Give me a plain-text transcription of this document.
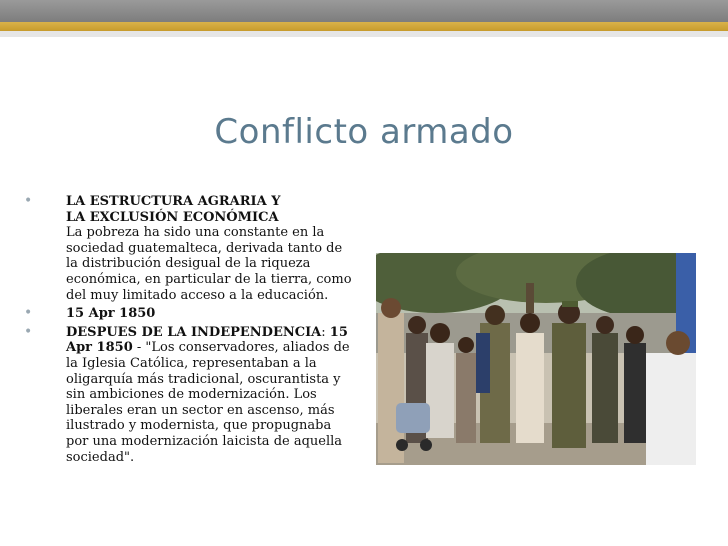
Conflicto armado
•	LA ESTRUCTURA AGRARIA Y
LA EXCLUSIÓN ECONÓMICA
La pobreza ha sido una constante en la sociedad guatemalteca, derivada tanto de la distribución desigual de la riqueza económica, en particular de la tierra, como del muy limitado acceso a la educación.
•	15 Apr 1850
•	DESPUES DE LA INDEPENDENCIA: 15 Apr 1850 - "Los conservadores, aliados de la Iglesia Católica, representaban a la oligarquía más tradicional, oscurantista y sin ambiciones de modernización. Los liberales eran un sector en ascenso, más ilustrado y modernista, que propugnaba por una modernización laicista de aquella sociedad".
